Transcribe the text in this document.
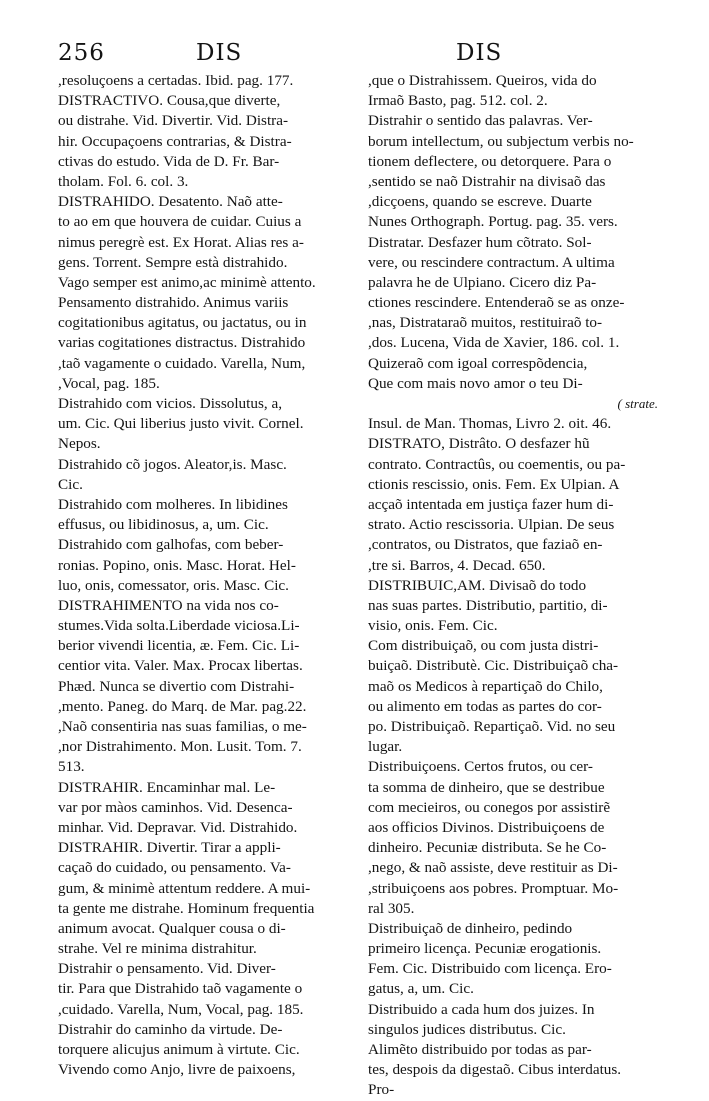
256	DIS	DIS
,resoluçoens a certadas. Ibid. pag. 177.
DISTRACTIVO. Cousa,que diverte,
ou distrahe. Vid. Divertir. Vid. Distra-
hir. Occupaçoens contrarias, & Distra-
ctivas do estudo. Vida de D. Fr. Bar-
tholam. Fol. 6. col. 3.
DISTRAHIDO. Desatento. Naõ atte-
to ao em que houvera de cuidar. Cuius a
nimus peregrè est. Ex Horat. Alias res a-
gens. Torrent. Sempre està distrahido.
Vago semper est animo,ac minimè attento.
Pensamento distrahido. Animus variis
cogitationibus agitatus, ou jactatus, ou in
varias cogitationes distractus. Distrahido
,taõ vagamente o cuidado. Varella, Num,
,Vocal, pag. 185.
Distrahido com vicios. Dissolutus, a,
um. Cic. Qui liberius justo vivit. Cornel.
Nepos.
Distrahido cõ jogos. Aleator,is. Masc.
Cic.
Distrahido com molheres. In libidines
effusus, ou libidinosus, a, um. Cic.
Distrahido com galhofas, com beber-
ronias. Popino, onis. Masc. Horat. Hel-
luo, onis, comessator, oris. Masc. Cic.
DISTRAHIMENTO na vida nos co-
stumes.Vida solta.Liberdade viciosa.Li-
berior vivendi licentia, æ. Fem. Cic. Li-
centior vita. Valer. Max. Procax libertas.
Phæd. Nunca se divertio com Distrahi-
,mento. Paneg. do Marq. de Mar. pag.22.
,Naõ consentiria nas suas familias, o me-
,nor Distrahimento. Mon. Lusit. Tom. 7.
513.
DISTRAHIR. Encaminhar mal. Le-
var por màos caminhos. Vid. Desenca-
minhar. Vid. Depravar. Vid. Distrahido.
DISTRAHIR. Divertir. Tirar a appli-
caçaõ do cuidado, ou pensamento. Va-
gum, & minimè attentum reddere. A mui-
ta gente me distrahe. Hominum frequentia
animum avocat. Qualquer cousa o di-
strahe. Vel re minima distrahitur.
Distrahir o pensamento. Vid. Diver-
tir. Para que Distrahido taõ vagamente o
,cuidado. Varella, Num, Vocal, pag. 185.
Distrahir do caminho da virtude. De-
torquere alicujus animum à virtute. Cic.
Vivendo como Anjo, livre de paixoens,
,que o Distrahissem. Queiros, vida do
Irmaõ Basto, pag. 512. col. 2.
Distrahir o sentido das palavras. Ver-
borum intellectum, ou subjectum verbis no-
tionem deflectere, ou detorquere. Para o
,sentido se naõ Distrahir na divisaõ das
,dicçoens, quando se escreve. Duarte
Nunes Orthograph. Portug. pag. 35. vers.
Distratar. Desfazer hum cõtrato. Sol-
vere, ou rescindere contractum. A ultima
palavra he de Ulpiano. Cicero diz Pa-
ctiones rescindere. Entenderaõ se as onze-
,nas, Distrataraõ muitos, restituiraõ to-
,dos. Lucena, Vida de Xavier, 186. col. 1.
Quizeraõ com igoal correspõdencia,
Que com mais novo amor o teu Di-
( strate.
Insul. de Man. Thomas, Livro 2. oit. 46.
DISTRATO, Distrâto. O desfazer hũ
contrato. Contractûs, ou coementis, ou pa-
ctionis rescissio, onis. Fem. Ex Ulpian. A
acçaõ intentada em justiça fazer hum di-
strato. Actio rescissoria. Ulpian. De seus
,contratos, ou Distratos, que faziaõ en-
,tre si. Barros, 4. Decad. 650.
DISTRIBUIC,AM. Divisaõ do todo
nas suas partes. Distributio, partitio, di-
visio, onis. Fem. Cic.
Com distribuiçaõ, ou com justa distri-
buiçaõ. Distributè. Cic. Distribuiçaõ cha-
maõ os Medicos à repartiçaõ do Chilo,
ou alimento em todas as partes do cor-
po. Distribuiçaõ. Repartiçaõ. Vid. no seu
lugar.
Distribuiçoens. Certos frutos, ou cer-
ta somma de dinheiro, que se destribue
com mecieiros, ou conegos por assistirẽ
aos officios Divinos. Distribuiçoens de
dinheiro. Pecuniæ distributa. Se he Co-
,nego, & naõ assiste, deve restituir as Di-
,stribuiçoens aos pobres. Promptuar. Mo-
ral 305.
Distribuiçaõ de dinheiro, pedindo
primeiro licença. Pecuniæ erogationis.
Fem. Cic. Distribuido com licença. Ero-
gatus, a, um. Cic.
Distribuido a cada hum dos juizes. In
singulos judices distributus. Cic.
Alimẽto distribuido por todas as par-
tes, despois da digestaõ. Cibus interdatus.
Pro-
